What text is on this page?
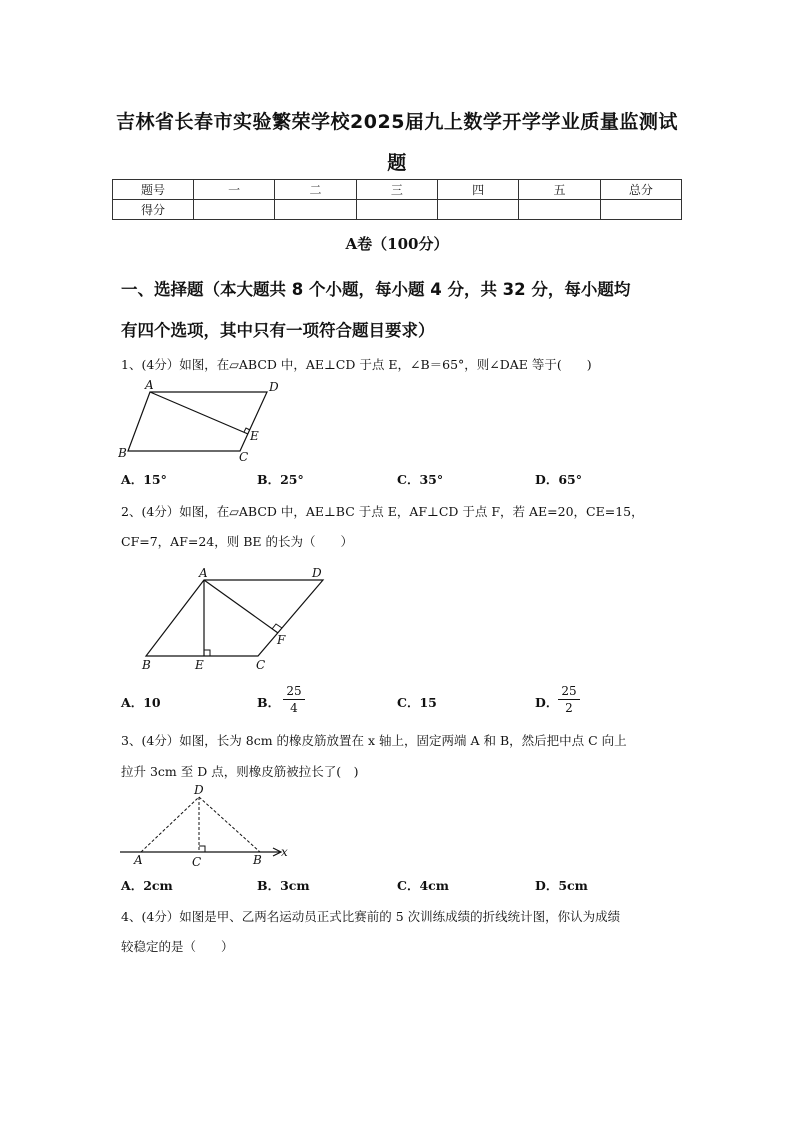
吉林省长春市实验繁荣学校2025届九上数学开学学业质量监测试
题
题号	一	二	三	四	五	总分
得分						
A卷（100分）
一、选择题（本大题共 8 个小题，每小题 4 分，共 32 分，每小题均
有四个选项，其中只有一项符合题目要求）
1、(4分）如图，在▱ABCD 中，AE⊥CD 于点 E，∠B＝65°，则∠DAE 等于(　　)
A	D
E
B	C
A．15°	B．25°	C．35°	D．65°
2、(4分）如图，在▱ABCD 中，AE⊥BC 于点 E，AF⊥CD 于点 F，若 AE=20，CE=15，
CF=7，AF=24，则 BE 的长为（　　）
A	D
F
B	E	C
A．10	B． $\frac{25}{4}$	C．15	D． $\frac{25}{2}$
3、(4分）如图，长为 8cm 的橡皮筋放置在 x 轴上，固定两端 A 和 B，然后把中点 C 向上
拉升 3cm 至 D 点，则橡皮筋被拉长了(　)
D
A	C	B
x
A．2cm	B．3cm	C．4cm	D．5cm
4、(4分）如图是甲、乙两名运动员正式比赛前的 5 次训练成绩的折线统计图，你认为成绩
较稳定的是（　　）
